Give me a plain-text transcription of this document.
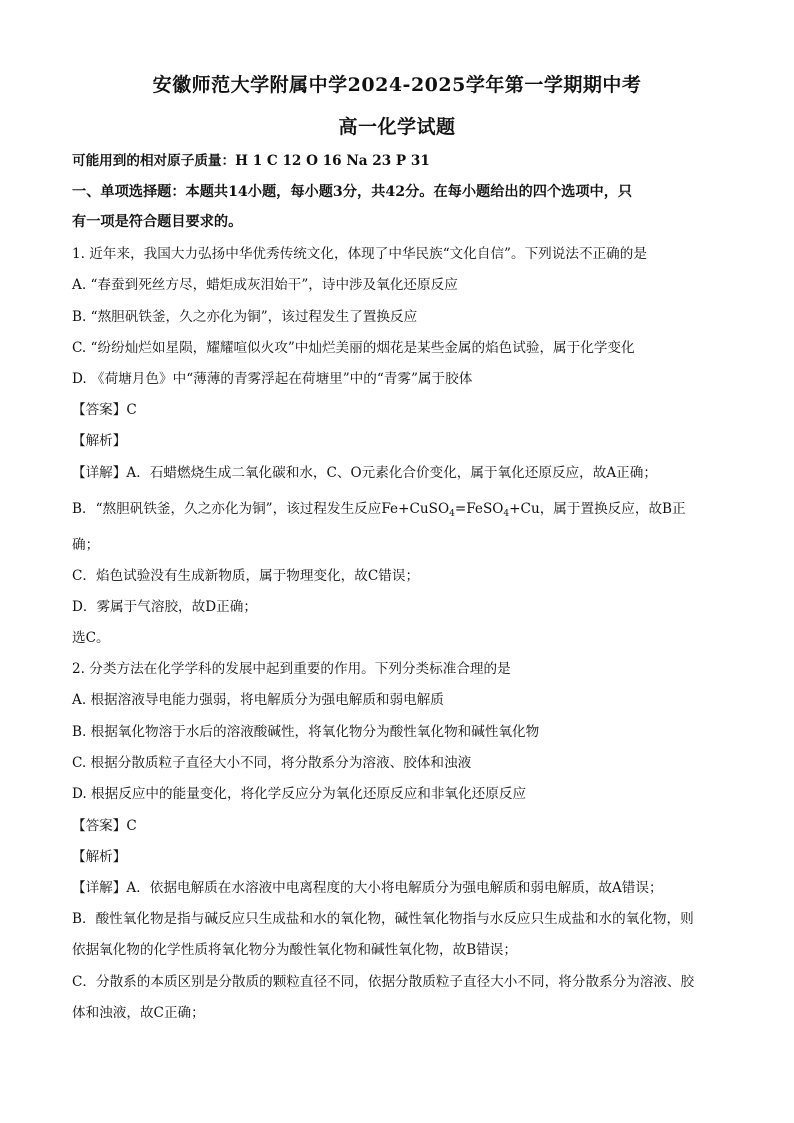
安徽师范大学附属中学2024-2025学年第一学期期中考
高一化学试题
可能用到的相对原子质量：H 1 C 12 O 16 Na 23 P 31
一、单项选择题：本题共14小题，每小题3分，共42分。在每小题给出的四个选项中，只
有一项是符合题目要求的。
1. 近年来，我国大力弘扬中华优秀传统文化，体现了中华民族“文化自信”。下列说法不正确的是
A. “春蚕到死丝方尽，蜡炬成灰泪始干”，诗中涉及氧化还原反应
B. “熬胆矾铁釜，久之亦化为铜”，该过程发生了置换反应
C. “纷纷灿烂如星陨，耀耀喧似火攻”中灿烂美丽的烟花是某些金属的焰色试验，属于化学变化
D. 《荷塘月色》中“薄薄的青雾浮起在荷塘里”中的“青雾”属于胶体
【答案】C
【解析】
【详解】A．石蜡燃烧生成二氧化碳和水，C、O元素化合价变化，属于氧化还原反应，故A正确；
B．“熬胆矾铁釜，久之亦化为铜”，该过程发生反应Fe+CuSO$_4$=FeSO$_4$+Cu，属于置换反应，故B正
确；
C．焰色试验没有生成新物质，属于物理变化，故C错误；
D．雾属于气溶胶，故D正确；
选C。
2. 分类方法在化学学科的发展中起到重要的作用。下列分类标准合理的是
A. 根据溶液导电能力强弱，将电解质分为强电解质和弱电解质
B. 根据氧化物溶于水后的溶液酸碱性，将氧化物分为酸性氧化物和碱性氧化物
C. 根据分散质粒子直径大小不同，将分散系分为溶液、胶体和浊液
D. 根据反应中的能量变化，将化学反应分为氧化还原反应和非氧化还原反应
【答案】C
【解析】
【详解】A．依据电解质在水溶液中电离程度的大小将电解质分为强电解质和弱电解质，故A错误；
B．酸性氧化物是指与碱反应只生成盐和水的氧化物，碱性氧化物指与水反应只生成盐和水的氧化物，则
依据氧化物的化学性质将氧化物分为酸性氧化物和碱性氧化物，故B错误；
C．分散系的本质区别是分散质的颗粒直径不同，依据分散质粒子直径大小不同，将分散系分为溶液、胶
体和浊液，故C正确；
